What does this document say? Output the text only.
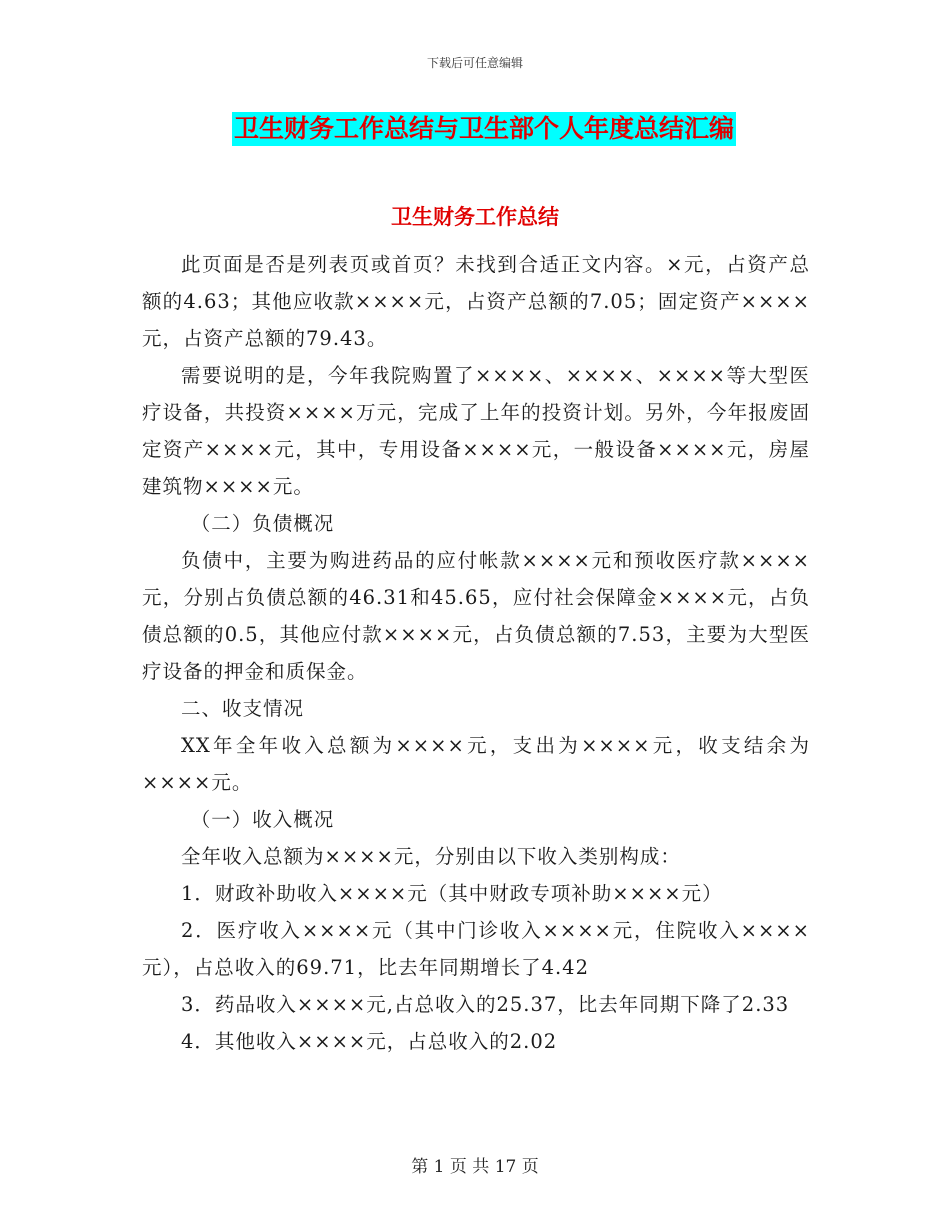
下载后可任意编辑
卫生财务工作总结与卫生部个人年度总结汇编
卫生财务工作总结

此页面是否是列表页或首页？未找到合适正文内容。×元，占资产总额的4.63；其他应收款××××元，占资产总额的7.05；固定资产××××元，占资产总额的79.43。

需要说明的是，今年我院购置了××××、××××、××××等大型医疗设备，共投资××××万元，完成了上年的投资计划。另外，今年报废固定资产××××元，其中，专用设备××××元，一般设备××××元，房屋建筑物××××元。

（二）负债概况

负债中，主要为购进药品的应付帐款××××元和预收医疗款××××元，分别占负债总额的46.31和45.65，应付社会保障金××××元，占负债总额的0.5，其他应付款××××元，占负债总额的7.53，主要为大型医疗设备的押金和质保金。

二、收支情况

XX年全年收入总额为××××元，支出为××××元，收支结余为××××元。

（一）收入概况

全年收入总额为××××元，分别由以下收入类别构成：

1．财政补助收入××××元（其中财政专项补助××××元）

2．医疗收入××××元（其中门诊收入××××元，住院收入××××元），占总收入的69.71，比去年同期增长了4.42

3．药品收入××××元,占总收入的25.37，比去年同期下降了2.33

4．其他收入××××元，占总收入的2.02

第 1 页 共 17 页
